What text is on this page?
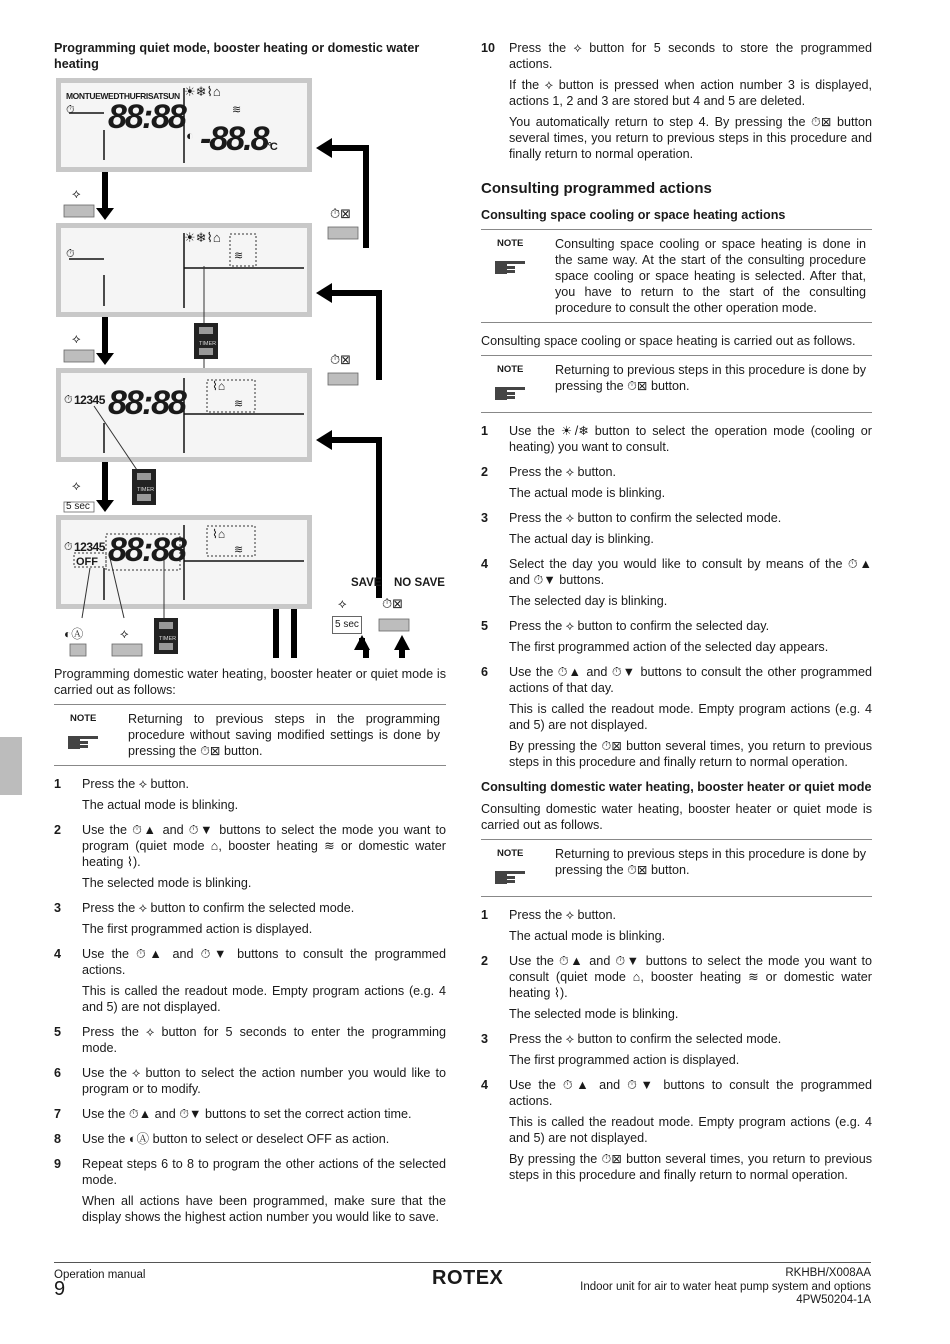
Programming quiet mode, booster heating or domestic water heating
MONTUEWEDTHUFRISATSUN ☀❄⌇⌂
⏱ 88:88	≋
◐ -88.8°C
⏱
☀❄⌇⌂
≋
12345
⏱ 88:88 ⌇⌂
≋
⏱ 12345
OFF 88:88 ⌇⌂
≋
⟡
⟡
⟡
5 sec
⏱⊠
⏱⊠
SAVE NO SAVE
⟡
5 sec
⏱⊠
◐Ⓐ	⟡
TIMER
TIMER
TIMER

Programming domestic water heating, booster heater or quiet mode is carried out as follows:

NOTE	Returning to previous steps in the programming procedure without saving modified settings is done by pressing the ⏱⊠ button.
1	Press the ⟡ button.

The actual mode is blinking.

2	Use the ⏱▲ and ⏱▼ buttons to select the mode you want to program (quiet mode ⌂, booster heating ≋ or domestic water heating ⌇).

The selected mode is blinking.

3	Press the ⟡ button to confirm the selected mode.

The first programmed action is displayed.

4	Use the ⏱▲ and ⏱▼ buttons to consult the programmed actions.

This is called the readout mode. Empty program actions (e.g. 4 and 5) are not displayed.

5	Press the ⟡ button for 5 seconds to enter the programming mode.

6	Use the ⟡ button to select the action number you would like to program or to modify.

7	Use the ⏱▲ and ⏱▼ buttons to set the correct action time.

8	Use the ◐Ⓐ button to select or deselect OFF as action.

9	Repeat steps 6 to 8 to program the other actions of the selected mode.

When all actions have been programmed, make sure that the display shows the highest action number you would like to save.

10	Press the ⟡ button for 5 seconds to store the programmed actions.

If the ⟡ button is pressed when action number 3 is displayed, actions 1, 2 and 3 are stored but 4 and 5 are deleted.

You automatically return to step 4. By pressing the ⏱⊠ button several times, you return to previous steps in this procedure and finally return to normal operation.

Consulting programmed actions
Consulting space cooling or space heating actions
NOTE	Consulting space cooling or space heating is done in the same way. At the start of the consulting procedure space cooling or space heating is selected. After that, you have to return to the start of the consulting procedure to consult the other operation mode.

Consulting space cooling or space heating is carried out as follows.

NOTE	Returning to previous steps in this procedure is done by pressing the ⏱⊠ button.
1	Use the ☀/❄ button to select the operation mode (cooling or heating) you want to consult.

2	Press the ⟡ button.

The actual mode is blinking.

3	Press the ⟡ button to confirm the selected mode.

The actual day is blinking.

4	Select the day you would like to consult by means of the ⏱▲ and ⏱▼ buttons.

The selected day is blinking.

5	Press the ⟡ button to confirm the selected day.

The first programmed action of the selected day appears.

6	Use the ⏱▲ and ⏱▼ buttons to consult the other programmed actions of that day.

This is called the readout mode. Empty program actions (e.g. 4 and 5) are not displayed.

By pressing the ⏱⊠ button several times, you return to previous steps in this procedure and finally return to normal operation.

Consulting domestic water heating, booster heater or quiet mode

Consulting domestic water heating, booster heater or quiet mode is carried out as follows.

NOTE	Returning to previous steps in this procedure is done by pressing the ⏱⊠ button.
1	Press the ⟡ button.

The actual mode is blinking.

2	Use the ⏱▲ and ⏱▼ buttons to select the mode you want to consult (quiet mode ⌂, booster heating ≋ or domestic water heating ⌇).

The selected mode is blinking.

3	Press the ⟡ button to confirm the selected mode.

The first programmed action is displayed.

4	Use the ⏱▲ and ⏱▼ buttons to consult the programmed actions.

This is called the readout mode. Empty program actions (e.g. 4 and 5) are not displayed.

By pressing the ⏱⊠ button several times, you return to previous steps in this procedure and finally return to normal operation.

Operation manual
9	ROTEX	RKHBH/X008AA
Indoor unit for air to water heat pump system and options
4PW50204-1A
